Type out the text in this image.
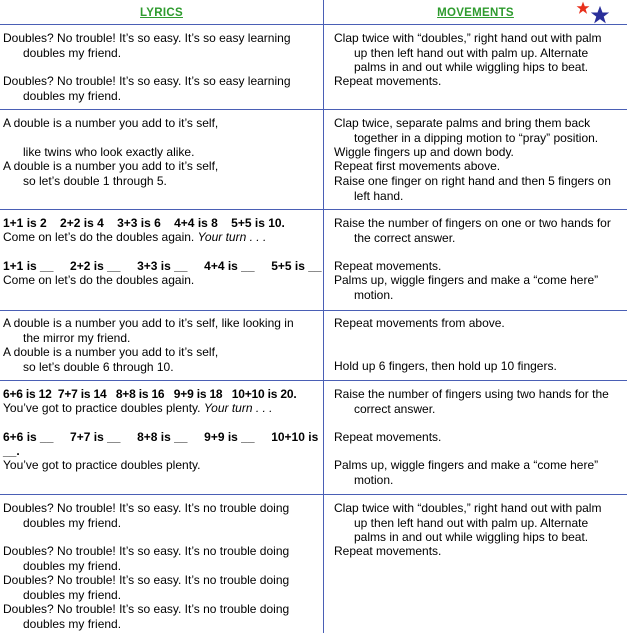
LYRICS	MOVEMENTS
Doubles? No trouble! It’s so easy. It’s so easy learning
doubles my friend.
Doubles? No trouble! It’s so easy. It’s so easy learning
doubles my friend.
Clap twice with “doubles,” right hand out with palm
up then left hand out with palm up. Alternate
palms in and out while wiggling hips to beat.
Repeat movements.
A double is a number you add to it’s self,
like twins who look exactly alike.
A double is a number you add to it’s self,
so let’s double 1 through 5.
Clap twice, separate palms and bring them back
together in a dipping motion to “pray” position.
Wiggle fingers up and down body.
Repeat first movements above.
Raise one finger on right hand and then 5 fingers on
left hand.
1+1 is 2    2+2 is 4    3+3 is 6    4+4 is 8    5+5 is 10.
Come on let’s do the doubles again. Your turn . . .
1+1 is __     2+2 is __     3+3 is __     4+4 is __     5+5 is __
Come on let’s do the doubles again.
Raise the number of fingers on one or two hands for
the correct answer.
Repeat movements.
Palms up, wiggle fingers and make a “come here”
motion.
A double is a number you add to it’s self, like looking in
the mirror my friend.
A double is a number you add to it’s self,
so let’s double 6 through 10.
Repeat movements from above.
Hold up 6 fingers, then hold up 10 fingers.
6+6 is 12  7+7 is 14   8+8 is 16   9+9 is 18   10+10 is 20.
You’ve got to practice doubles plenty. Your turn . . .
6+6 is __     7+7 is __     8+8 is __     9+9 is __     10+10 is
__.
You’ve got to practice doubles plenty.
Raise the number of fingers using two hands for the
correct answer.
Repeat movements.
Palms up, wiggle fingers and make a “come here”
motion.
Doubles? No trouble! It’s so easy. It’s no trouble doing
doubles my friend.
Doubles? No trouble! It’s so easy. It’s no trouble doing
doubles my friend.
Doubles? No trouble! It’s so easy. It’s no trouble doing
doubles my friend.
Doubles? No trouble! It’s so easy. It’s no trouble doing
doubles my friend.
Clap twice with “doubles,” right hand out with palm
up then left hand out with palm up. Alternate
palms in and out while wiggling hips to beat.
Repeat movements.
